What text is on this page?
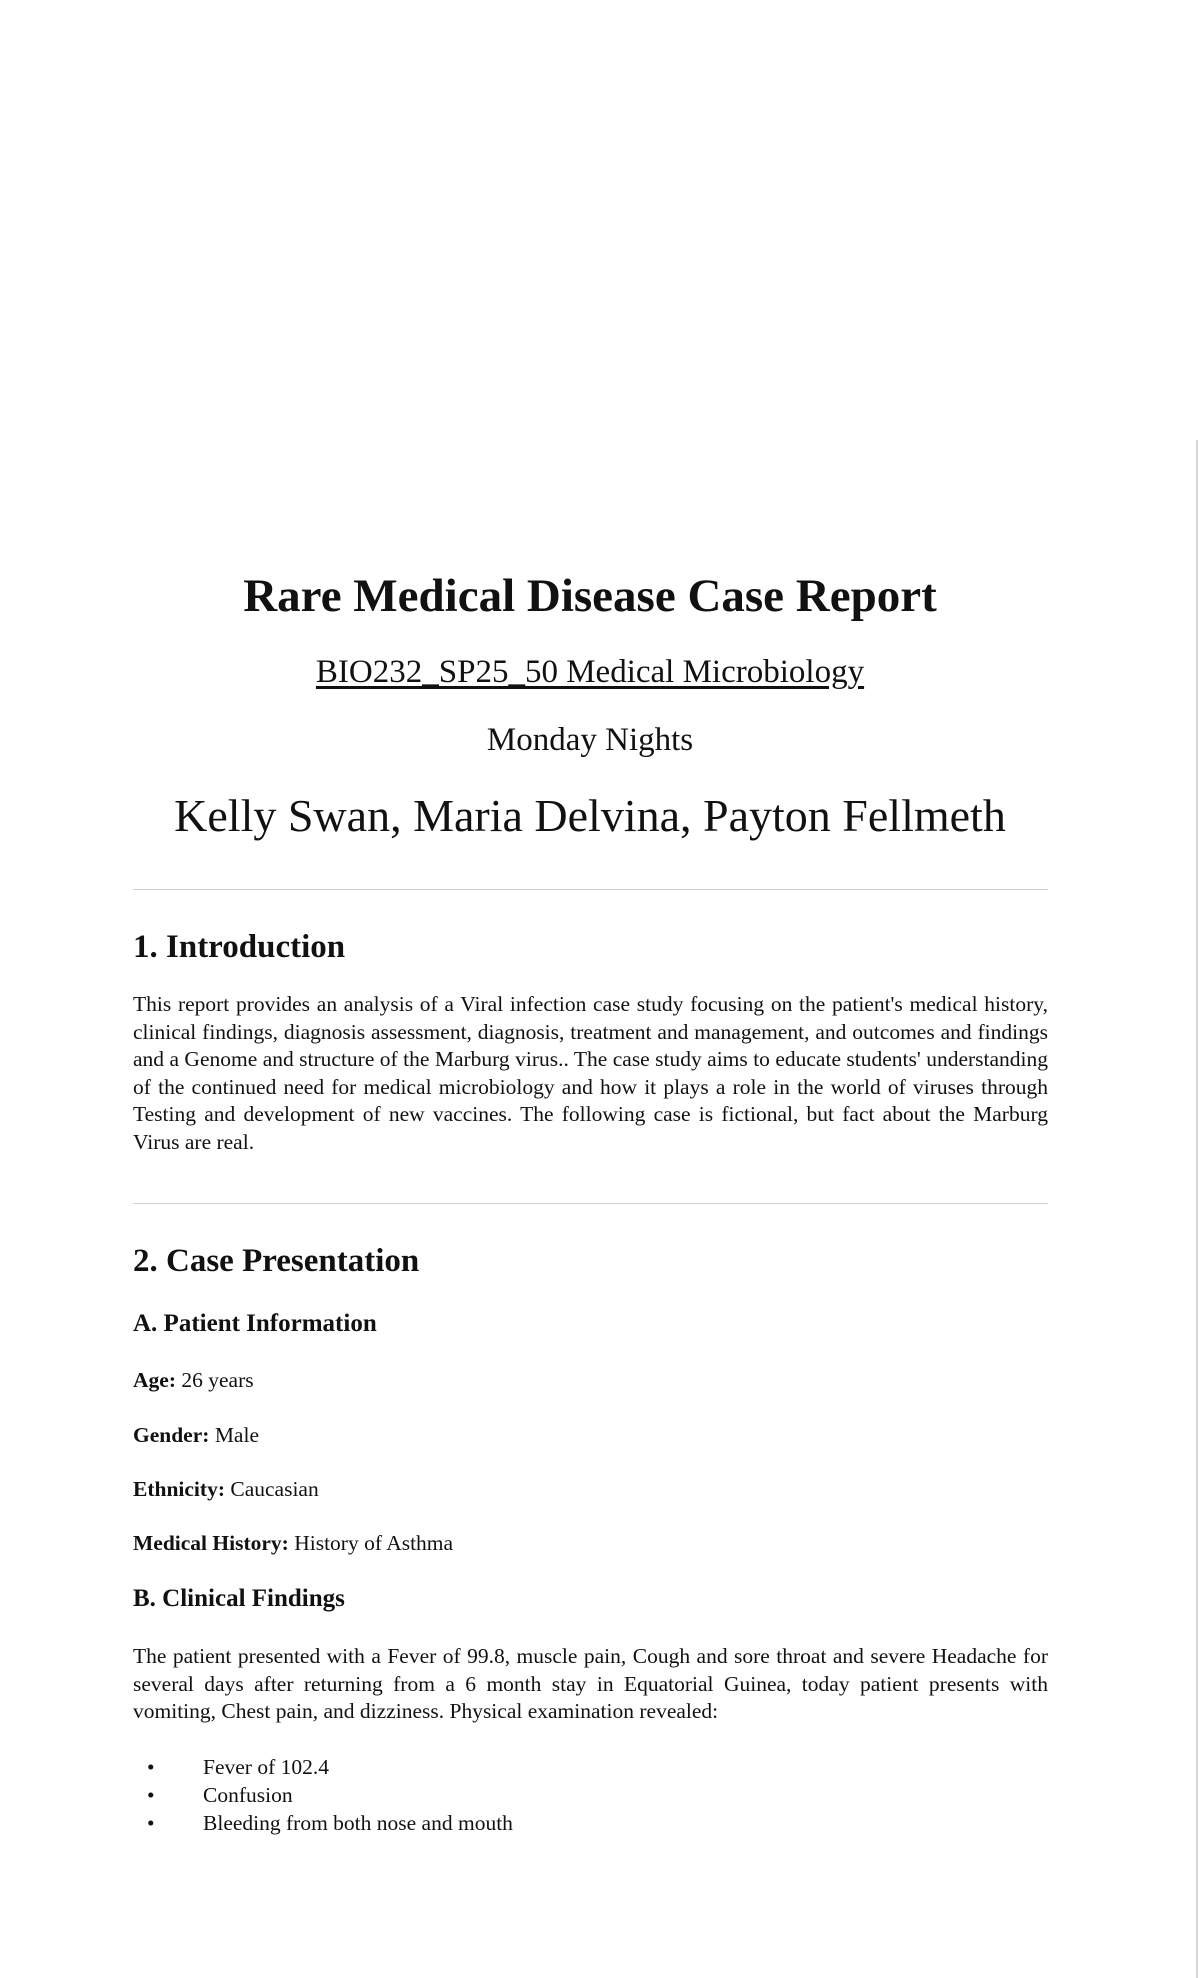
Rare Medical Disease Case Report
BIO232_SP25_50 Medical Microbiology
Monday Nights
Kelly Swan, Maria Delvina, Payton Fellmeth
1. Introduction
This report provides an analysis of a Viral infection case study focusing on the patient's medical history, clinical findings, diagnosis assessment, diagnosis, treatment and management, and outcomes and findings and a Genome and structure of the Marburg virus.. The case study aims to educate students' understanding of the continued need for medical microbiology and how it plays a role in the world of viruses through Testing and development of new vaccines. The following case is fictional, but fact about the Marburg Virus are real.
2. Case Presentation
A. Patient Information
Age: 26 years
Gender: Male
Ethnicity: Caucasian
Medical History: History of Asthma
B. Clinical Findings
The patient presented with a Fever of 99.8, muscle pain, Cough and sore throat and severe Headache for several days after returning from a 6 month stay in Equatorial Guinea, today patient presents with vomiting, Chest pain, and dizziness. Physical examination revealed:
• Fever of 102.4
• Confusion
• Bleeding from both nose and mouth
